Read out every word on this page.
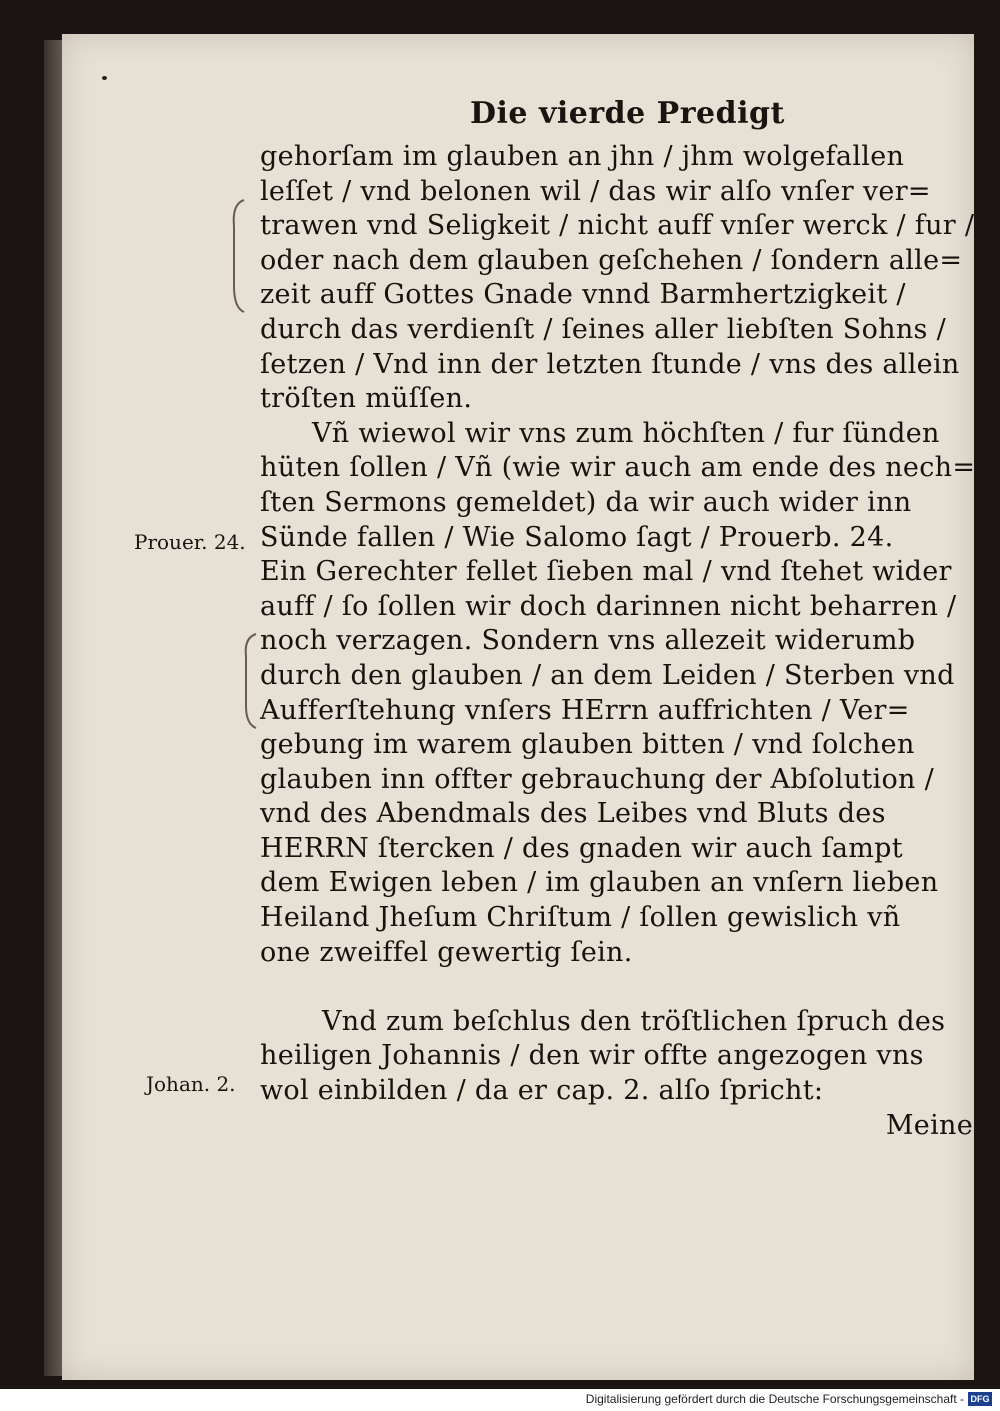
Die vierde Predigt
gehorſam im glauben an jhn / jhm wolgefallen
leſſet / vnd belonen wil / das wir alſo vnſer ver=
trawen vnd Seligkeit / nicht auff vnſer werck / fur /
oder nach dem glauben geſchehen / ſondern alle=
zeit auff Gottes Gnade vnnd Barmhertzigkeit /
durch das verdienſt / ſeines aller liebſten Sohns /
ſetzen / Vnd inn der letzten ſtunde / vns des allein
tröſten müſſen.
Vñ wiewol wir vns zum höchſten / fur ſünden
hüten ſollen / Vñ (wie wir auch am ende des nech=
ſten Sermons gemeldet) da wir auch wider inn
Sünde fallen / Wie Salomo ſagt / Prouerb. 24.
Ein Gerechter fellet ſieben mal / vnd ſtehet wider
auff / ſo ſollen wir doch darinnen nicht beharren /
noch verzagen. Sondern vns allezeit widerumb
durch den glauben / an dem Leiden / Sterben vnd
Aufferſtehung vnſers HErrn auffrichten / Ver=
gebung im warem glauben bitten / vnd ſolchen
glauben inn offter gebrauchung der Abſolution /
vnd des Abendmals des Leibes vnd Bluts des
HERRN ſtercken / des gnaden wir auch ſampt
dem Ewigen leben / im glauben an vnſern lieben
Heiland Jheſum Chriſtum / ſollen gewislich vñ
one zweiffel gewertig ſein.
Vnd zum beſchlus den tröſtlichen ſpruch des
heiligen Johannis / den wir offte angezogen vns
wol einbilden / da er cap. 2. alſo ſpricht:
Meine
Prouer. 24.
Johan. 2.
Digitalisierung gefördert durch die Deutsche Forschungsgemeinschaft - DFG
